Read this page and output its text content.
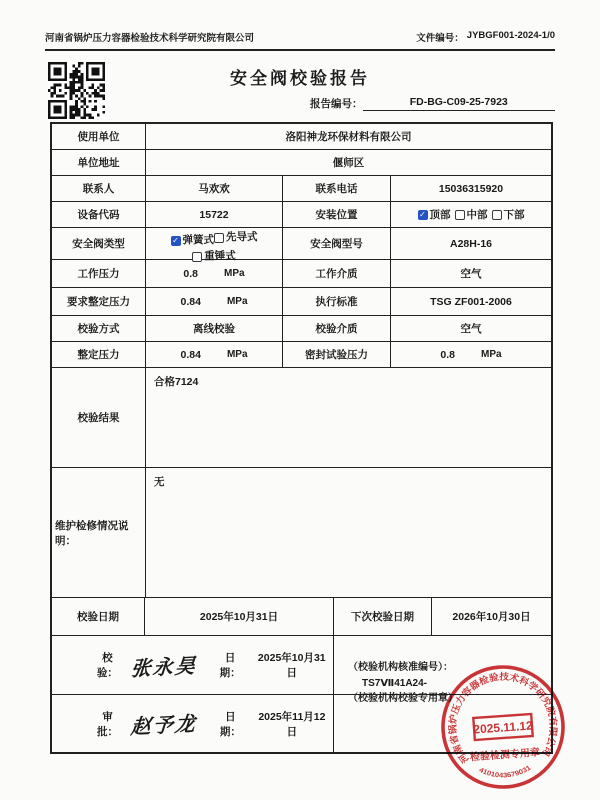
河南省锅炉压力容器检验技术科学研究院有限公司	文件编号： JYBGF001-2024-1/0
安全阀校验报告
报告编号：	FD-BG-C09-25-7923
使用单位	洛阳神龙环保材料有限公司
单位地址	偃师区
联系人	马欢欢	联系电话	15036315920
设备代码	15722	安装位置 ✓	顶部 中部 下部
安全阀类型 ✓	弹簧式 先导式
重锤式
安全阀型号	A28H-16
工作压力	0.8	MPa	工作介质	空气
要求整定压力	0.84	MPa	执行标准	TSG ZF001-2006
校验方式	离线校验	校验介质	空气
整定压力	0.84	MPa	密封试验压力	0.8	MPa
校验结果
合格7124
维护检修情况说明：
无
校验日期	2025年10月31日	下次校验日期	2026年10月30日
校验： 张永昊	日期：
2025年10月31日	（校验机构核准编号）：
TS7Ⅶ41A24-
（校验机构校验专用章）
审批： 赵予龙	日期：
2025年11月12日
河南省锅炉压力容器检验技术科学研究院有限公司
2025.11.12
检验检测专用章
4101043679031
